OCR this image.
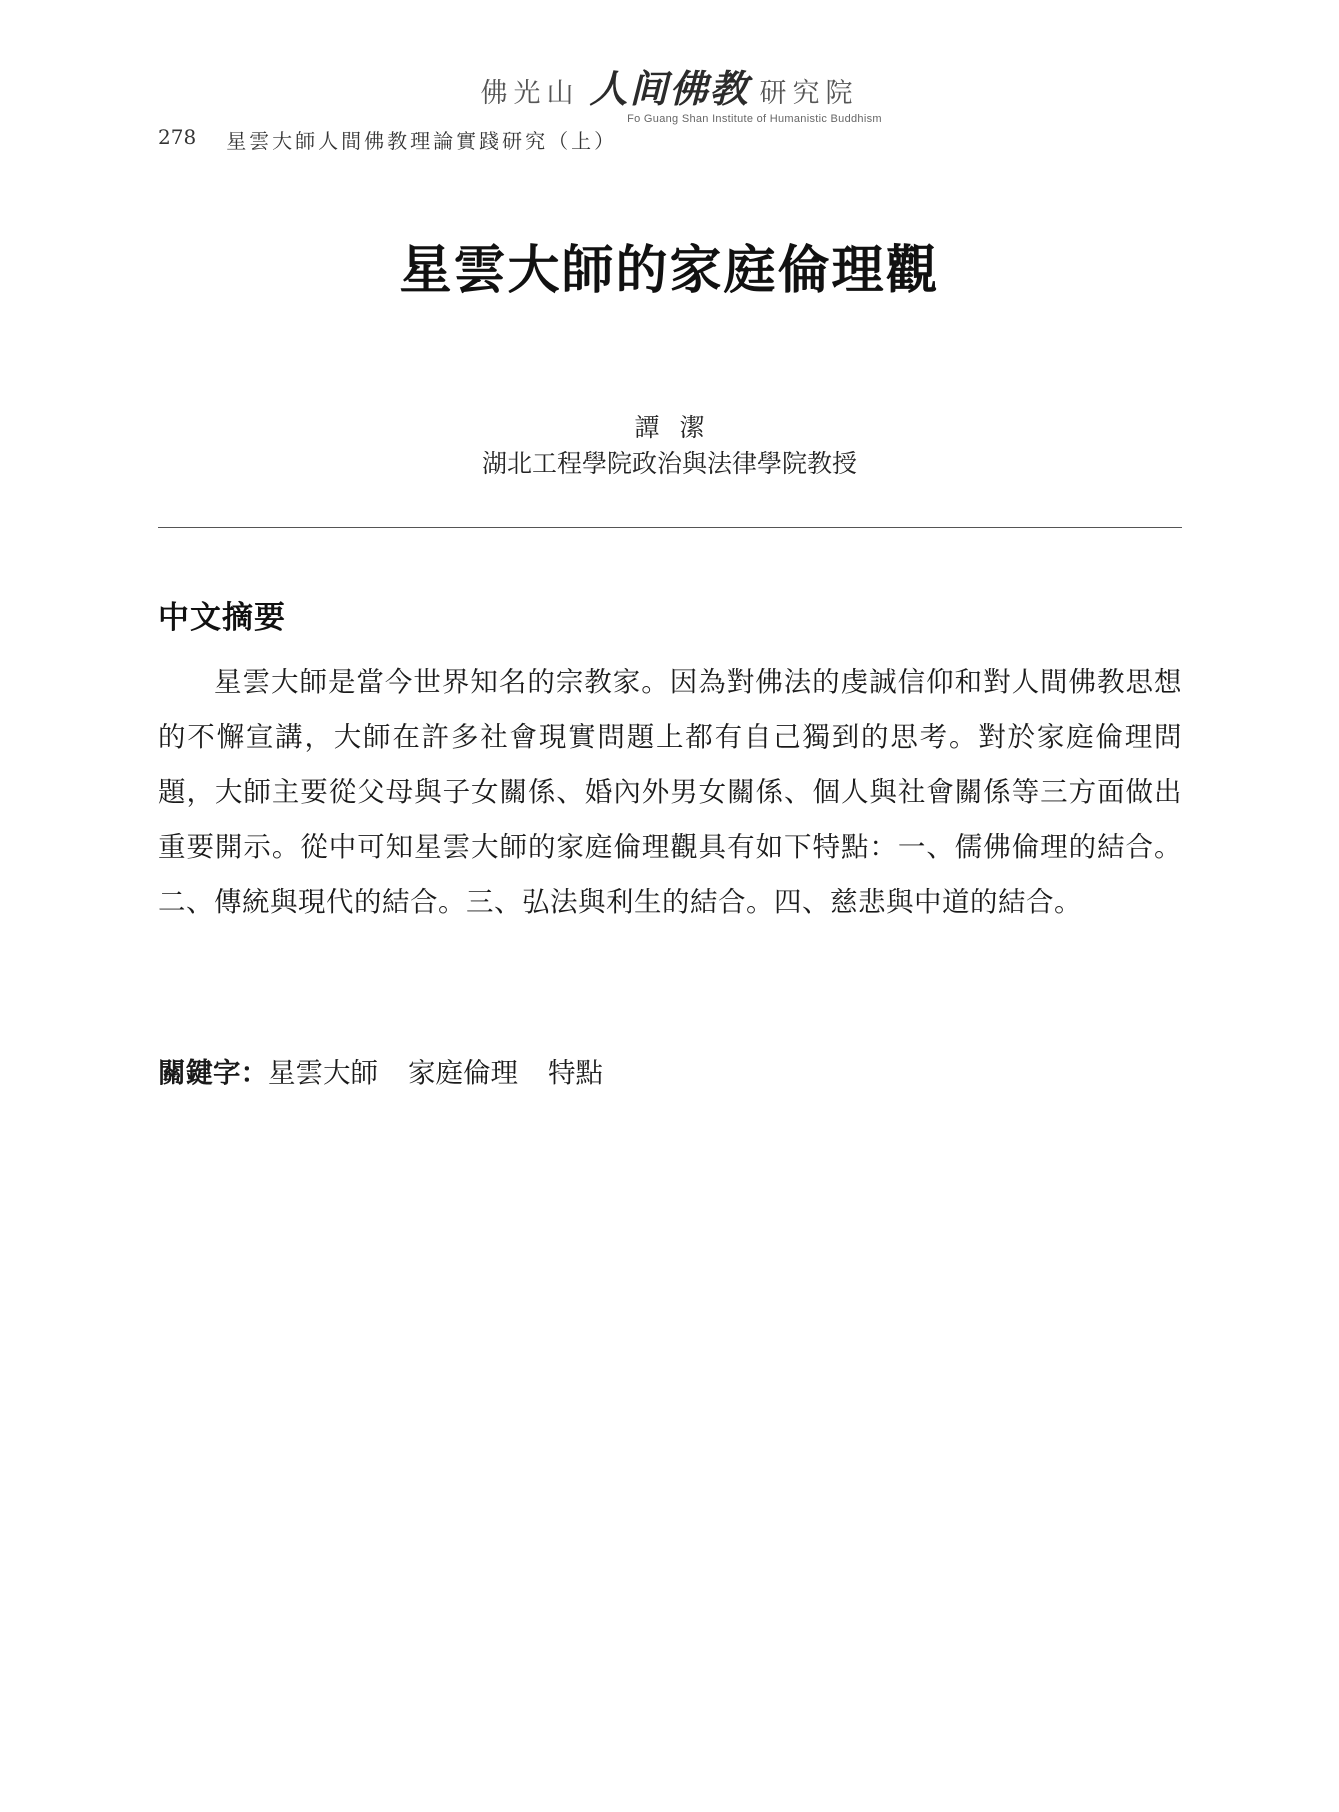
佛光山 人间佛教 研究院
Fo Guang Shan Institute of Humanistic Buddhism
278 星雲大師人間佛教理論實踐研究（上）
星雲大師的家庭倫理觀
譚潔
湖北工程學院政治與法律學院教授
中文摘要

星雲大師是當今世界知名的宗教家。因為對佛法的虔誠信仰和對人間佛教思想的不懈宣講，大師在許多社會現實問題上都有自己獨到的思考。對於家庭倫理問題，大師主要從父母與子女關係、婚內外男女關係、個人與社會關係等三方面做出重要開示。從中可知星雲大師的家庭倫理觀具有如下特點：一、儒佛倫理的結合。二、傳統與現代的結合。三、弘法與利生的結合。四、慈悲與中道的結合。

關鍵字：星雲大師 家庭倫理 特點
